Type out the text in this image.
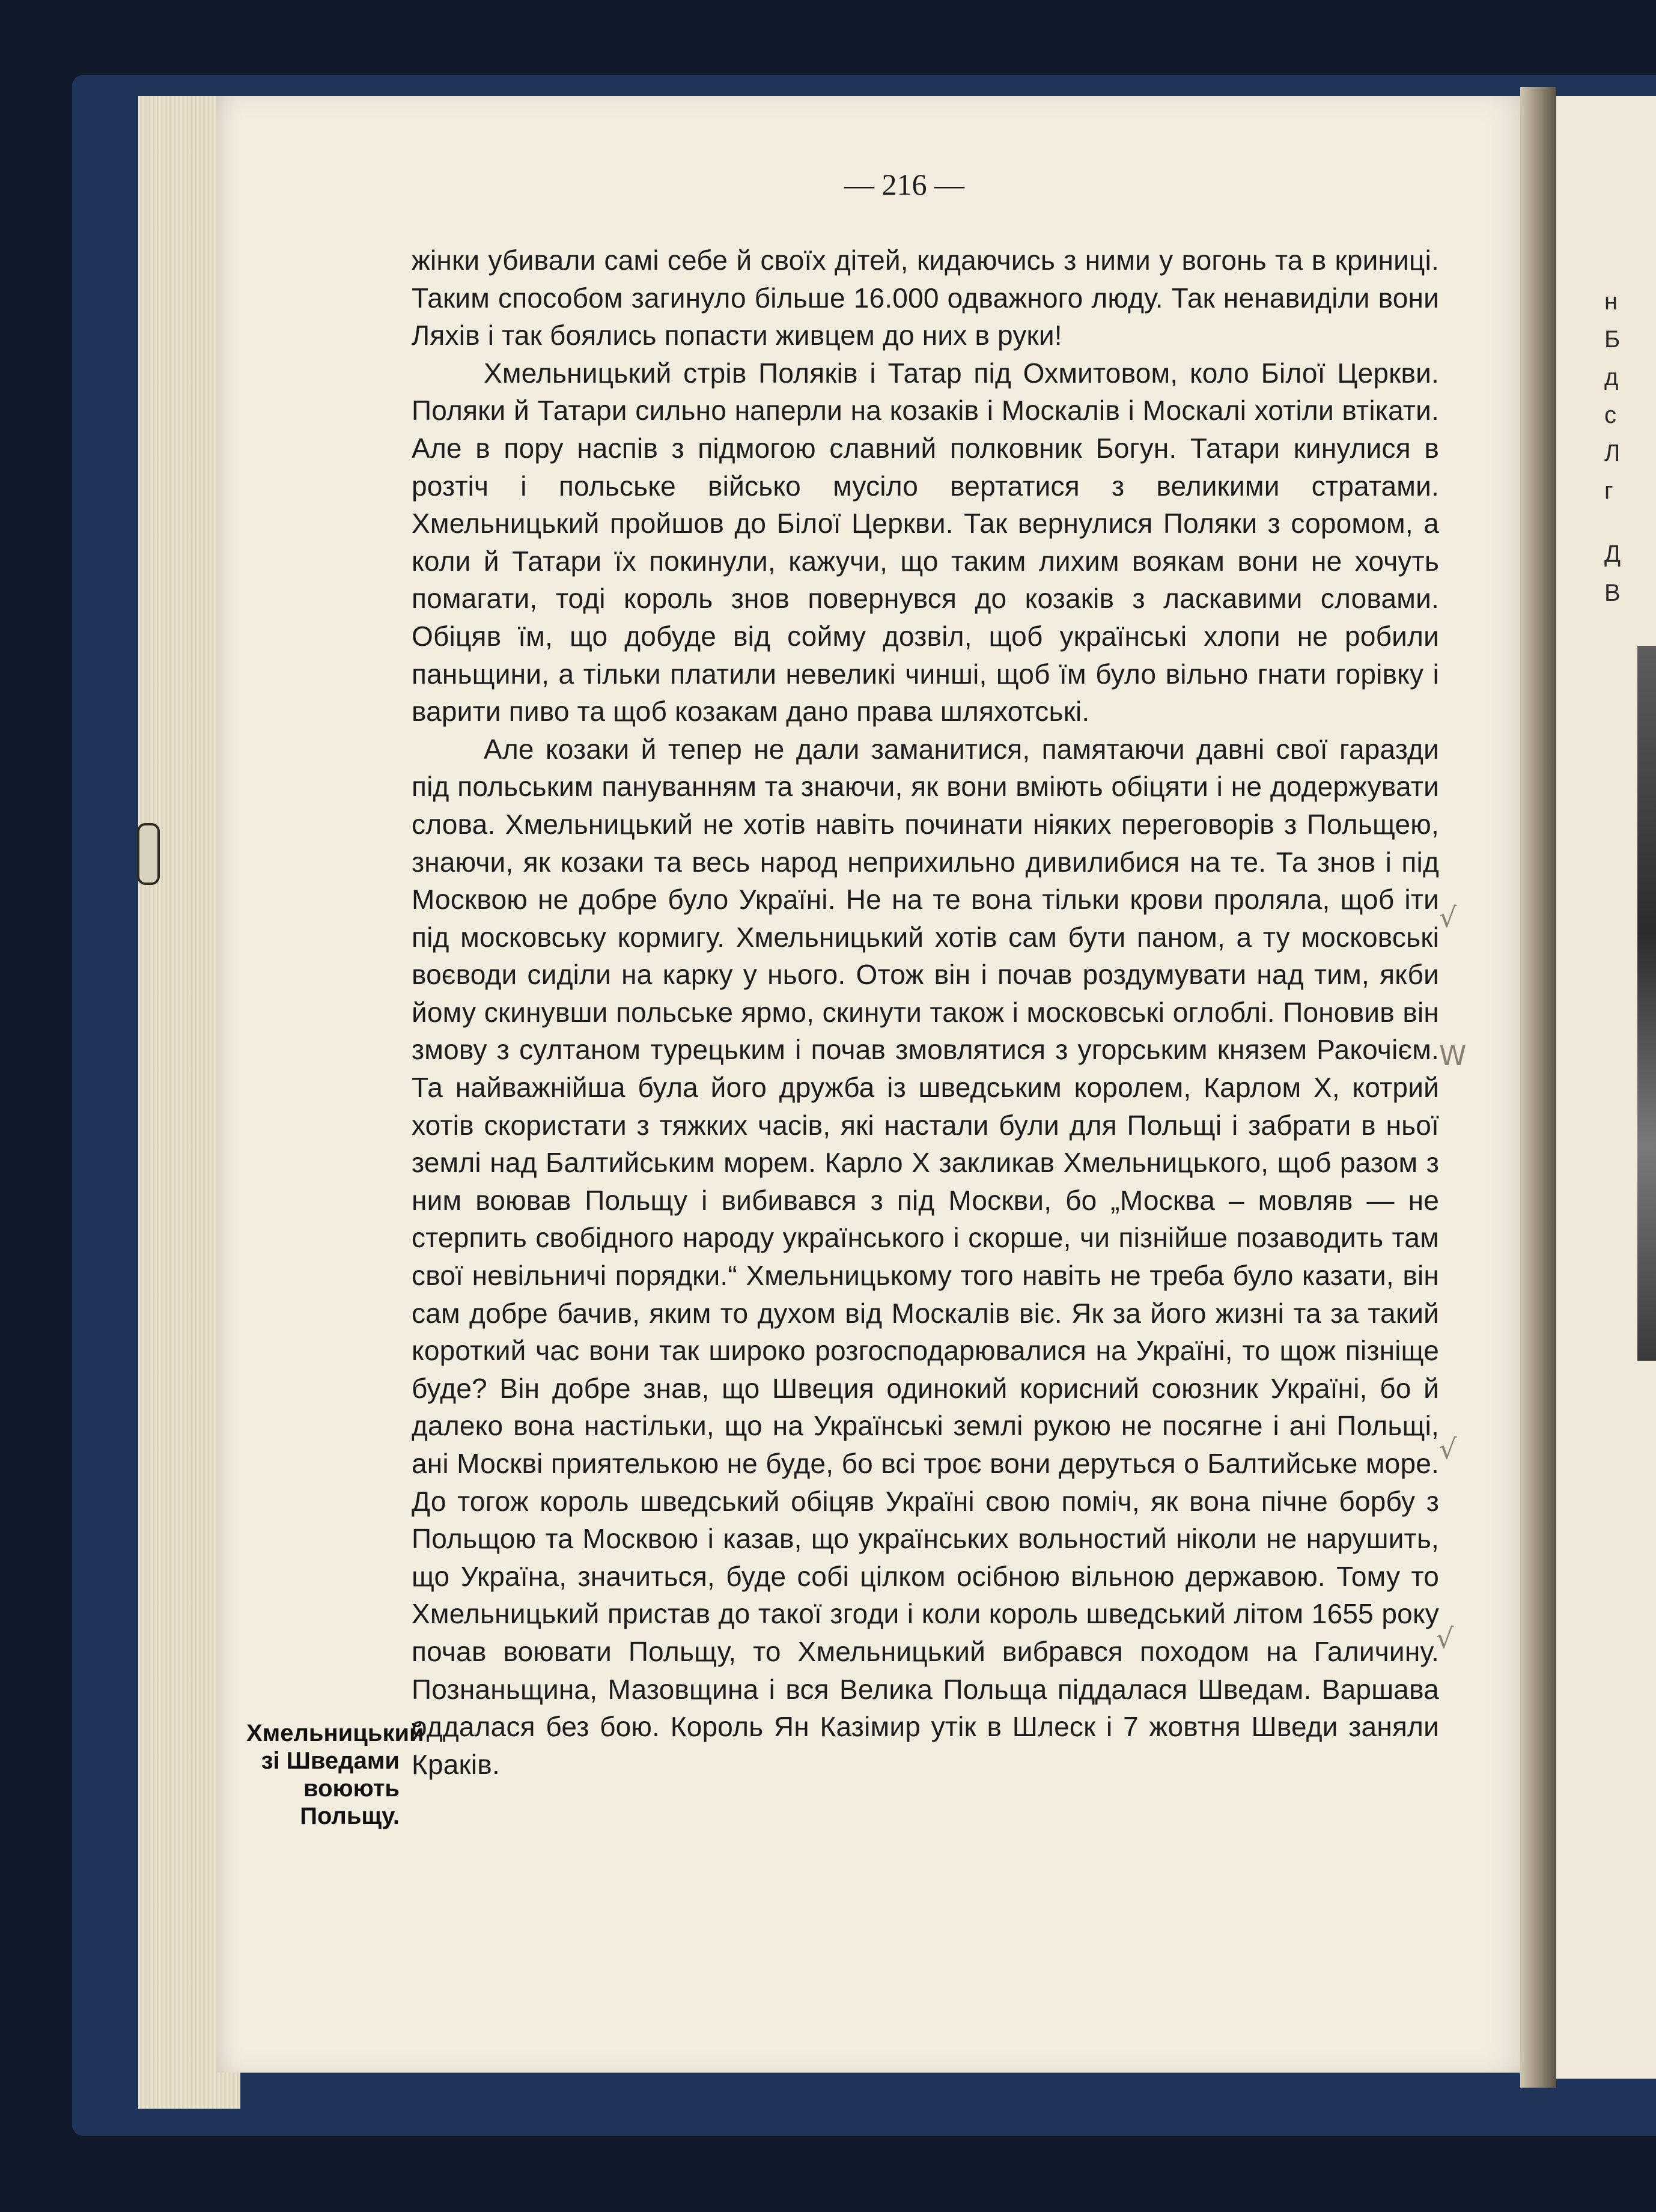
н
Б
д
с
Л
г
Д
В
— 216 —

жінки убивали самі себе й своїх дітей, кидаючись з ними у вогонь та в криниці. Таким способом загинуло більше 16.000 одважного люду. Так ненавиділи вони Ляхів і так боялись попасти живцем до них в руки!

Хмельницький стрів Поляків і Татар під Охмитовом, коло Білої Церкви. Поляки й Татари сильно наперли на козаків і Москалів і Москалі хотіли втікати. Але в пору наспів з підмогою славний полковник Богун. Татари кинулися в розтіч і польське військо мусіло вертатися з великими стратами. Хмельницький пройшов до Білої Церкви. Так вернулися Поляки з соромом, а коли й Татари їх покинули, кажучи, що таким лихим воякам вони не хочуть помагати, тоді король знов повернувся до козаків з ласкавими словами. Обіцяв їм, що добуде від сойму дозвіл, щоб українські хлопи не робили паньщини, а тільки платили невеликі чинші, щоб їм було вільно гнати горівку і варити пиво та щоб козакам дано права шляхотські.

Але козаки й тепер не дали заманитися, памятаючи давні свої гаразди під польським пануванням та знаючи, як вони вміють обіцяти і не додержувати слова. Хмельницький не хотів навіть починати ніяких переговорів з Польщею, знаючи, як козаки та весь народ неприхильно дивилибися на те. Та знов і під Москвою не добре було Україні. Не на те вона тільки крови проляла, щоб іти під московську кормигу. Хмельницький хотів сам бути паном, а ту московські воєводи сиділи на карку у нього. Отож він і почав роздумувати над тим, якби йому скинувши польське ярмо, скинути також і московські оглоблі. Поновив він змову з султаном турецьким і почав змовлятися з угорським князем Ракочієм. Та найважнійша була його дружба із шведським королем, Карлом X, котрий хотів скористати з тяжких часів, які настали були для Польщі і забрати в ньої землі над Балтийським морем. Карло X закликав Хмельницького, щоб разом з ним воював Польщу і вибивався з під Москви, бо „Москва – мовляв — не стерпить свобідного народу українського і скорше, чи пізнійше позаводить там свої невільничі порядки.“ Хмельницькому того навіть не треба було казати, він сам добре бачив, яким то духом від Москалів віє. Як за його жизні та за такий короткий час вони так широко розгосподарювалися на Україні, то щож пізніще буде? Він добре знав, що Швеция одинокий корисний союзник Україні, бо й далеко вона настільки, що на Українські землі рукою не посягне і ані Польщі, ані Москві приятелькою не буде, бо всі троє вони деруться о Балтийське море. До тогож король шведський обіцяв Україні свою поміч, як вона пічне борбу з Польщою та Москвою і казав, що українських вольностий ніколи не нарушить, що Україна, значиться, буде собі цілком осібною вільною державою. Тому то Хмельницький пристав до такої згоди і коли король шведський літом 1655 року почав воювати Польщу, то Хмельницький вибрався походом на Галичину. Познаньщина, Мазовщина і вся Велика Польща піддалася Шведам. Варшава оддалася без бою. Король Ян Казімир утік в Шлеск і 7 жовтня Шведи заняли Краків.

Хмельницький зі Шведами воюють Польщу.
√
W
√
√
